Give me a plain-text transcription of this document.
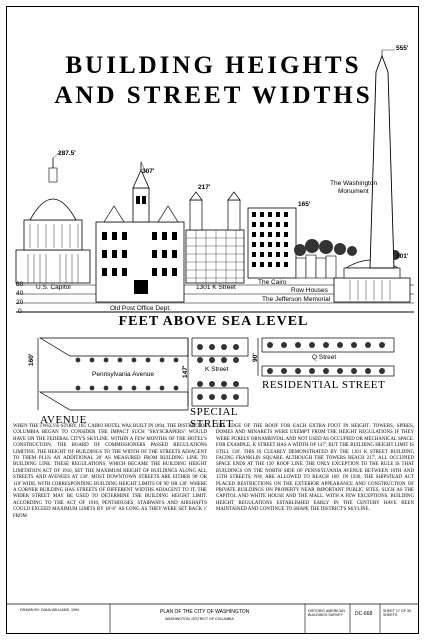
BUILDING HEIGHTS
AND STREET WIDTHS
287.5'
307'
217'
165'
101'
555'
U.S. Capitol
Old Post Office Dept.
1301 K Street
The Cairo
Row Houses
The Jefferson Memorial
The Washington
Monument
60
40
20
0
FEET ABOVE SEA LEVEL
160'
Pennsylvania Avenue
AVENUE
147' K Street
SPECIAL
STREET
90'	Q Street
RESIDENTIAL STREET
WHEN THE TWELVE-STORY, 165' CAIRO HOTEL WAS BUILT IN 1894, THE DISTRICT OF COLUMBIA BEGAN TO CONSIDER THE IMPACT SUCH "SKYSCRAPERS" WOULD HAVE ON THE FEDERAL CITY'S SKYLINE. WITHIN A FEW MONTHS OF THE HOTEL'S CONSTRUCTION, THE BOARD OF COMMISSIONERS PASSED REGULATIONS LIMITING THE HEIGHT OF BUILDINGS TO THE WIDTH OF THE STREETS ADJACENT TO THEM PLUS AN ADDITIONAL 20' AS MEASURED FROM BUILDING LINE TO BUILDING LINE. THESE REGULATIONS, WHICH BECAME THE BUILDING HEIGHT LIMITATION ACT OF 1910, SET THE MAXIMUM HEIGHT OF BUILDINGS ALONG ALL STREETS AND AVENUES AT 130'. MOST DOWNTOWN STREETS ARE EITHER 90' OR 110' WIDE, WITH CORRESPONDING BUILDING HEIGHT LIMITS OF 90' OR 130'. WHERE A CORNER BUILDING HAS STREETS OF DIFFERENT WIDTHS ADJACENT TO IT, THE WIDER STREET MAY BE USED TO DETERMINE THE BUILDING HEIGHT LIMIT. ACCORDING TO THE ACT OF 1910, PENTHOUSES, STAIRWAYS AND AIRSHAFTS COULD EXCEED MAXIMUM LIMITS BY 18'-6" AS LONG AS THEY WERE SET BACK 1' FROM
THE EDGE OF THE ROOF FOR EACH EXTRA FOOT IN HEIGHT. TOWERS, SPIRES, DOMES AND MINARETS WERE EXEMPT FROM THE HEIGHT REGULATIONS IF THEY WERE PURELY ORNAMENTAL AND NOT USED AS OCCUPIED OR MECHANICAL SPACE. FOR EXAMPLE, K STREET HAS A WIDTH OF 147', BUT THE BUILDING HEIGHT LIMIT IS STILL 130'. THIS IS CLEARLY DEMONSTRATED BY THE 1301 K STREET BUILDING FACING FRANKLIN SQUARE. ALTHOUGH THE TOWERS REACH 217', ALL OCCUPIED SPACE ENDS AT THE 130' ROOF LINE. THE ONLY EXCEPTION TO THE RULE IS THAT BUILDINGS ON THE NORTH SIDE OF PENNSYLVANIA AVENUE BETWEEN 10TH AND 15TH STREETS, NW, ARE ALLOWED TO REACH 160'. IN 1930, THE SHIPSTEAD ACT PLACED RESTRICTIONS ON THE EXTERIOR APPEARANCE AND CONSTRUCTION OF PRIVATE BUILDINGS ON PROPERTY NEAR IMPORTANT PUBLIC SITES, SUCH AS THE CAPITOL AND WHITE HOUSE AND THE MALL. WITH A FEW EXCEPTIONS, BUILDING HEIGHT REGULATIONS ESTABLISHED EARLY IN THE CENTURY HAVE BEEN MAINTAINED AND CONTINUE TO SHAPE THE DISTRICT'S SKYLINE.
DRAWN BY: DANA WILLIAMS, 1994	PLAN OF THE CITY OF WASHINGTON
WASHINGTON, DISTRICT OF COLUMBIA
HISTORIC AMERICAN BUILDINGS SURVEY	DC-668	SHEET 17 OF 35 SHEETS
